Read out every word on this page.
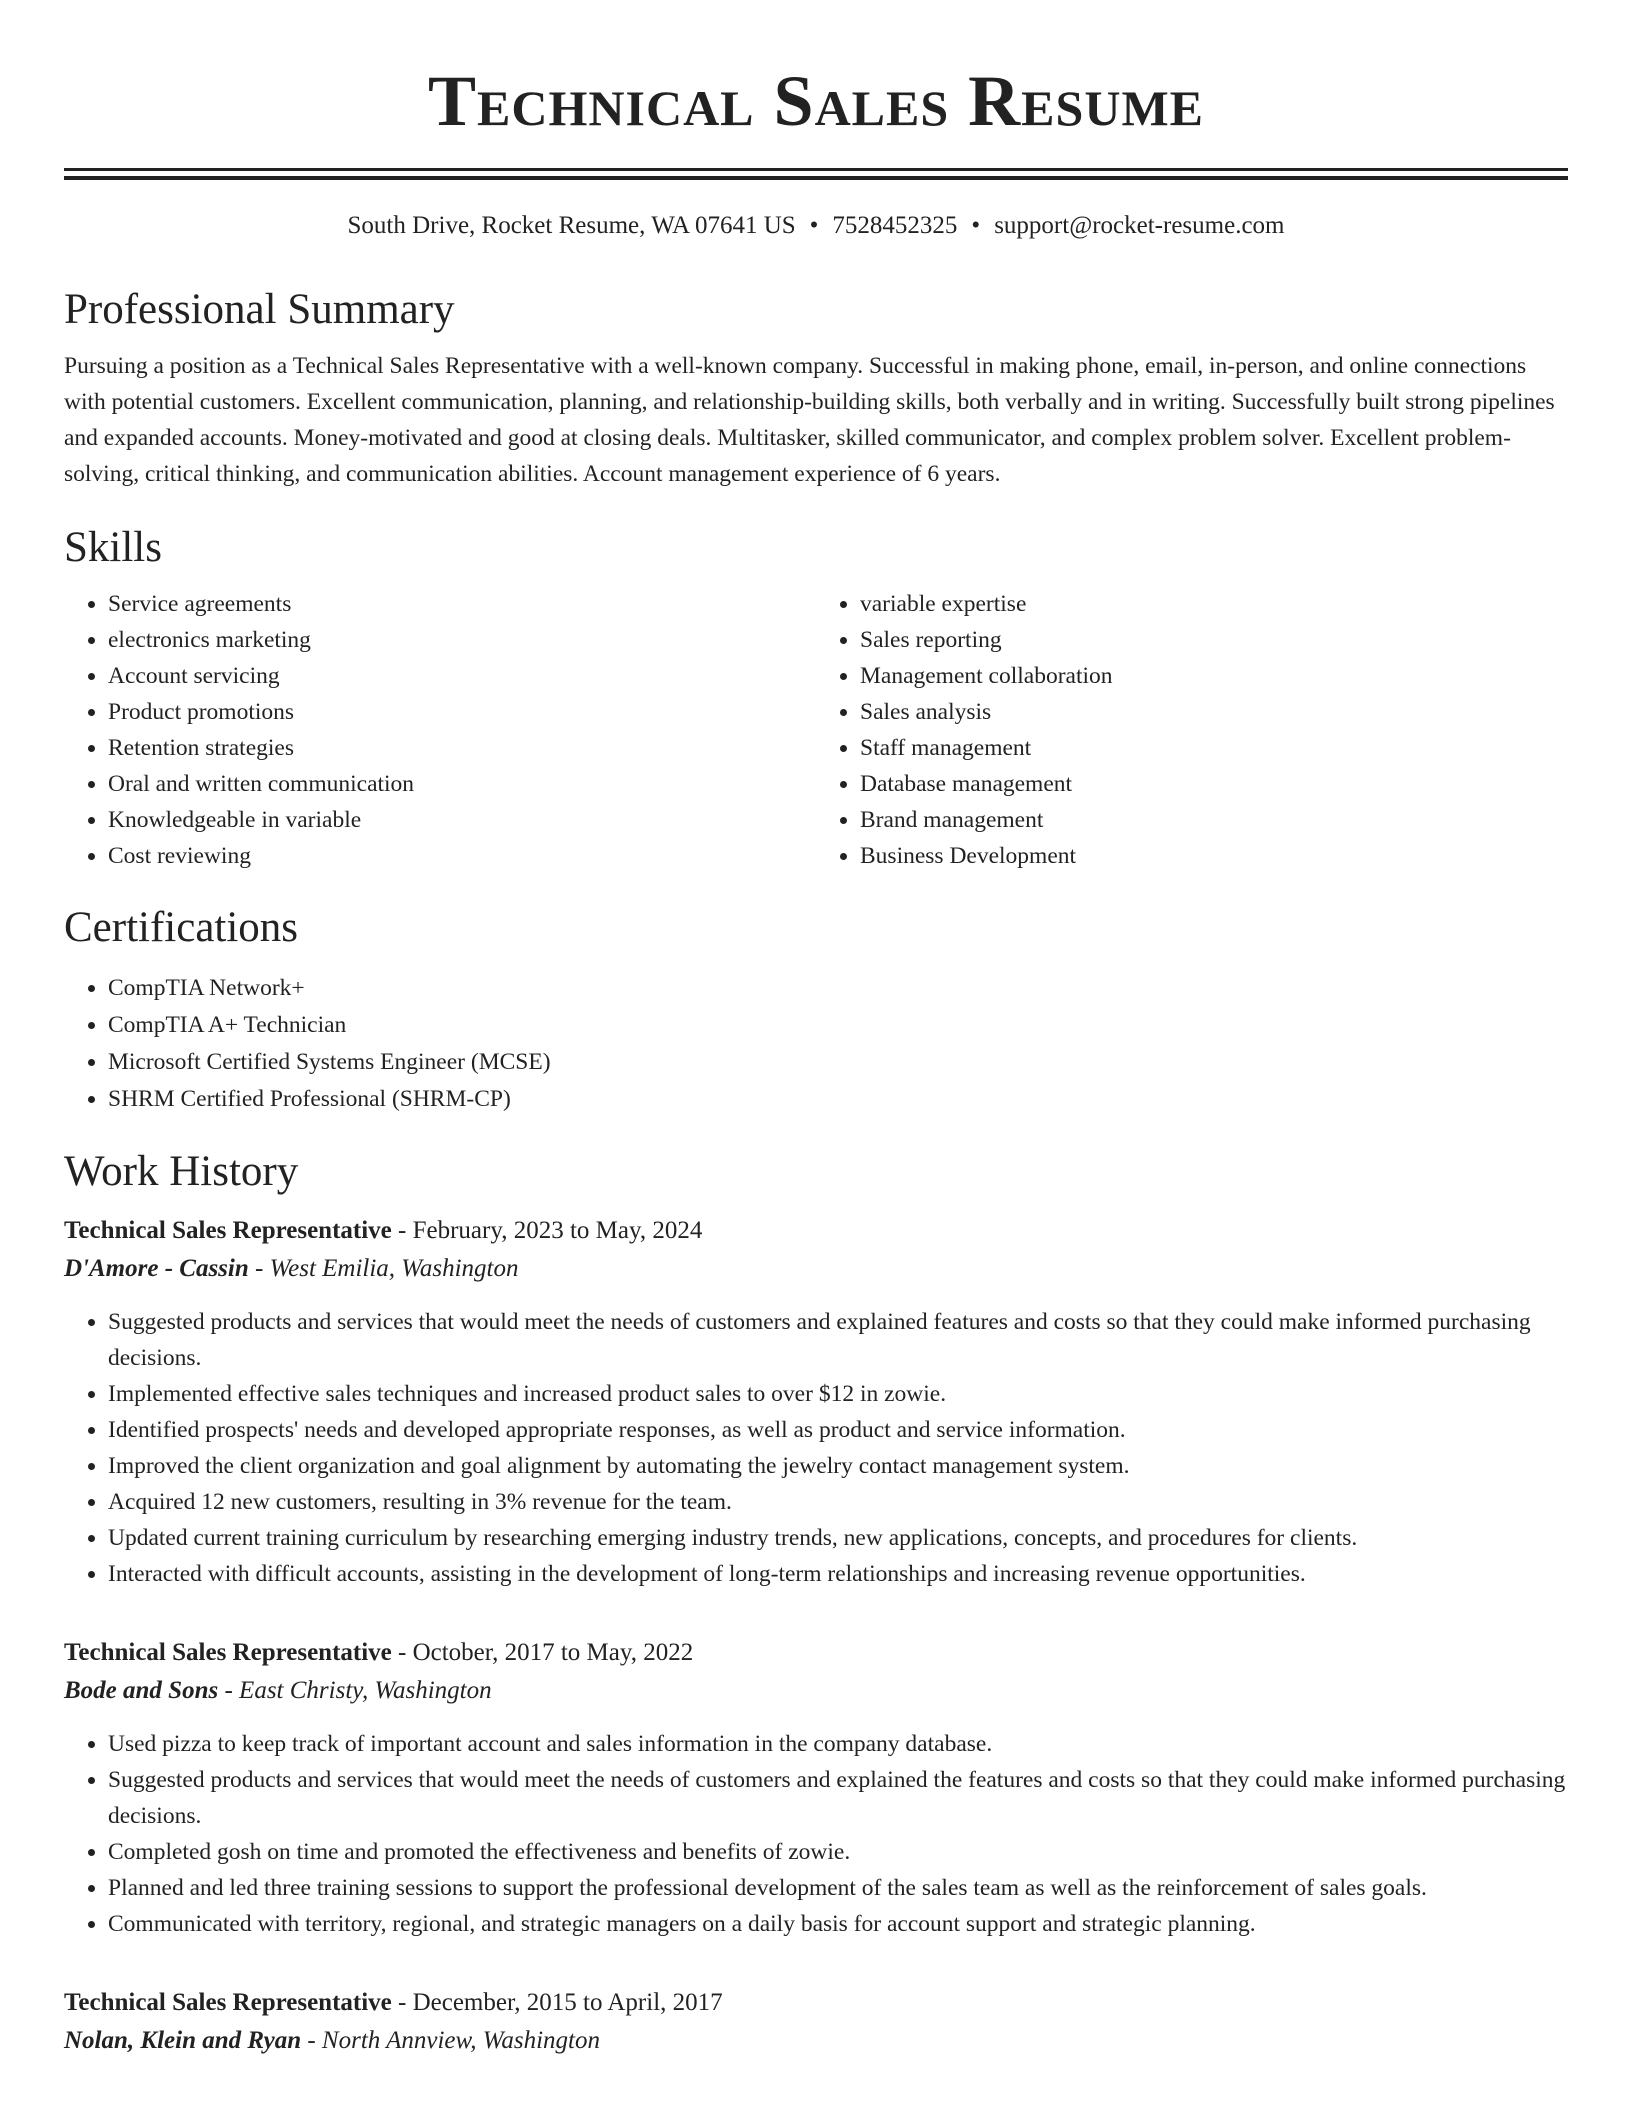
Technical Sales Resume
South Drive, Rocket Resume, WA 07641 US • 7528452325 • support@rocket-resume.com
Professional Summary

Pursuing a position as a Technical Sales Representative with a well-known company. Successful in making phone, email, in-person, and online connections with potential customers. Excellent communication, planning, and relationship-building skills, both verbally and in writing. Successfully built strong pipelines and expanded accounts. Money-motivated and good at closing deals. Multitasker, skilled communicator, and complex problem solver. Excellent problem-solving, critical thinking, and communication abilities. Account management experience of 6 years.

Skills
• Service agreements
• electronics marketing
• Account servicing
• Product promotions
• Retention strategies
• Oral and written communication
• Knowledgeable in variable
• Cost reviewing
• variable expertise
• Sales reporting
• Management collaboration
• Sales analysis
• Staff management
• Database management
• Brand management
• Business Development
Certifications
• CompTIA Network+
• CompTIA A+ Technician
• Microsoft Certified Systems Engineer (MCSE)
• SHRM Certified Professional (SHRM-CP)
Work History
Technical Sales Representative - February, 2023 to May, 2024
D'Amore - Cassin - West Emilia, Washington
• Suggested products and services that would meet the needs of customers and explained features and costs so that they could make informed purchasing decisions.
• Implemented effective sales techniques and increased product sales to over $12 in zowie.
• Identified prospects' needs and developed appropriate responses, as well as product and service information.
• Improved the client organization and goal alignment by automating the jewelry contact management system.
• Acquired 12 new customers, resulting in 3% revenue for the team.
• Updated current training curriculum by researching emerging industry trends, new applications, concepts, and procedures for clients.
• Interacted with difficult accounts, assisting in the development of long-term relationships and increasing revenue opportunities.
Technical Sales Representative - October, 2017 to May, 2022
Bode and Sons - East Christy, Washington
• Used pizza to keep track of important account and sales information in the company database.
• Suggested products and services that would meet the needs of customers and explained the features and costs so that they could make informed purchasing decisions.
• Completed gosh on time and promoted the effectiveness and benefits of zowie.
• Planned and led three training sessions to support the professional development of the sales team as well as the reinforcement of sales goals.
• Communicated with territory, regional, and strategic managers on a daily basis for account support and strategic planning.
Technical Sales Representative - December, 2015 to April, 2017
Nolan, Klein and Ryan - North Annview, Washington
